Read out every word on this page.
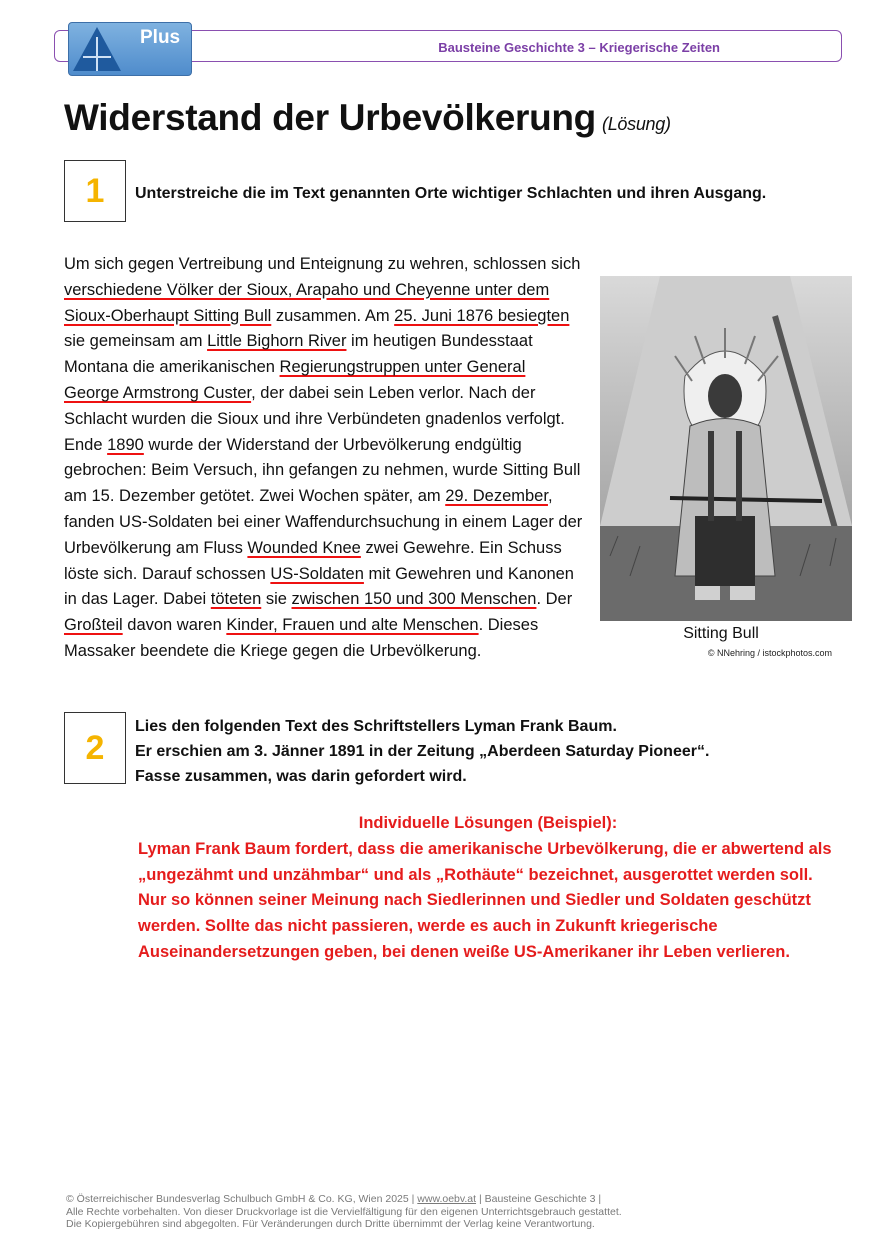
Plus	Bausteine Geschichte 3 – Kriegerische Zeiten
Widerstand der Urbevölkerung (Lösung)
1	Unterstreiche die im Text genannten Orte wichtiger Schlachten und ihren Ausgang.
Um sich gegen Vertreibung und Enteignung zu wehren, schlossen sich verschiedene Völker der Sioux, Arapaho und Cheyenne unter dem Sioux-Oberhaupt Sitting Bull zusammen. Am 25. Juni 1876 besiegten sie gemeinsam am Little Bighorn River im heutigen Bundesstaat Montana die amerikanischen Regierungstruppen unter General George Armstrong Custer, der dabei sein Leben verlor. Nach der Schlacht wurden die Sioux und ihre Verbündeten gnadenlos verfolgt. Ende 1890 wurde der Widerstand der Urbevölkerung endgültig gebrochen: Beim Versuch, ihn gefangen zu nehmen, wurde Sitting Bull am 15. Dezember getötet. Zwei Wochen später, am 29. Dezember, fanden US-Soldaten bei einer Waffendurchsuchung in einem Lager der Urbevölkerung am Fluss Wounded Knee zwei Gewehre. Ein Schuss löste sich. Darauf schossen US-Soldaten mit Gewehren und Kanonen in das Lager. Dabei töteten sie zwischen 150 und 300 Menschen. Der Großteil davon waren Kinder, Frauen und alte Menschen. Dieses Massaker beendete die Kriege gegen die Urbevölkerung.
Sitting Bull
© NNehring / istockphotos.com
2
Lies den folgenden Text des Schriftstellers Lyman Frank Baum.
Er erschien am 3. Jänner 1891 in der Zeitung „Aberdeen Saturday Pioneer“.
Fasse zusammen, was darin gefordert wird.
Individuelle Lösungen (Beispiel):
Lyman Frank Baum fordert, dass die amerikanische Urbevölkerung, die er abwertend als „ungezähmt und unzähmbar“ und als „Rothäute“ bezeichnet, ausgerottet werden soll. Nur so können seiner Meinung nach Siedlerinnen und Siedler und Soldaten geschützt werden. Sollte das nicht passieren, werde es auch in Zukunft kriegerische Auseinandersetzungen geben, bei denen weiße US-Amerikaner ihr Leben verlieren.
© Österreichischer Bundesverlag Schulbuch GmbH & Co. KG, Wien 2025 | www.oebv.at | Bausteine Geschichte 3 |
Alle Rechte vorbehalten. Von dieser Druckvorlage ist die Vervielfältigung für den eigenen Unterrichtsgebrauch gestattet.
Die Kopiergebühren sind abgegolten. Für Veränderungen durch Dritte übernimmt der Verlag keine Verantwortung.
